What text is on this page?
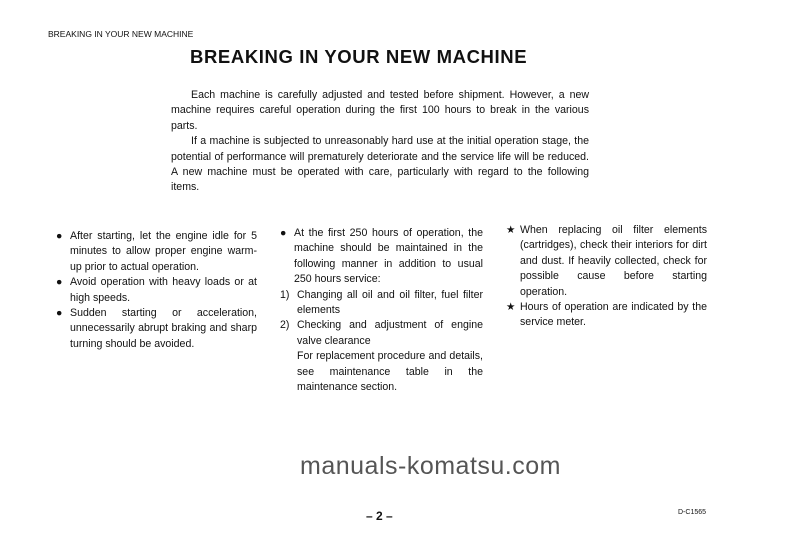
BREAKING IN YOUR NEW MACHINE
BREAKING IN YOUR NEW MACHINE

Each machine is carefully adjusted and tested before shipment. However, a new machine requires careful operation during the first 100 hours to break in the various parts.

If a machine is subjected to unreasonably hard use at the initial operation stage, the potential of performance will prematurely deteriorate and the service life will be reduced. A new machine must be operated with care, particularly with regard to the following items.

● After starting, let the engine idle for 5 minutes to allow proper engine warm-up prior to actual operation.
● Avoid operation with heavy loads or at high speeds.
● Sudden starting or acceleration, unnecessarily abrupt braking and sharp turning should be avoided.
● At the first 250 hours of operation, the machine should be maintained in the following manner in addition to usual 250 hours service:
1) Changing all oil and oil filter, fuel filter elements
2) Checking and adjustment of engine valve clearance
For replacement procedure and details, see maintenance table in the maintenance section.
★ When replacing oil filter elements (cartridges), check their interiors for dirt and dust. If heavily collected, check for possible cause before starting operation.
★ Hours of operation are indicated by the service meter.
manuals-komatsu.com
– 2 –	D-C1565
